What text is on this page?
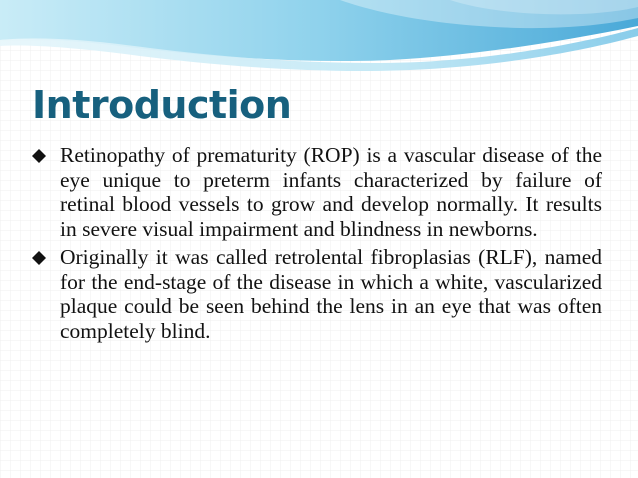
Introduction
Retinopathy of prematurity (ROP) is a vascular disease of the eye unique to preterm infants characterized by failure of retinal blood vessels to grow and develop normally. It results in severe visual impairment and blindness in newborns.
Originally it was called retrolental fibroplasias (RLF), named for the end-stage of the disease in which a white, vascularized plaque could be seen behind the lens in an eye that was often completely blind.
